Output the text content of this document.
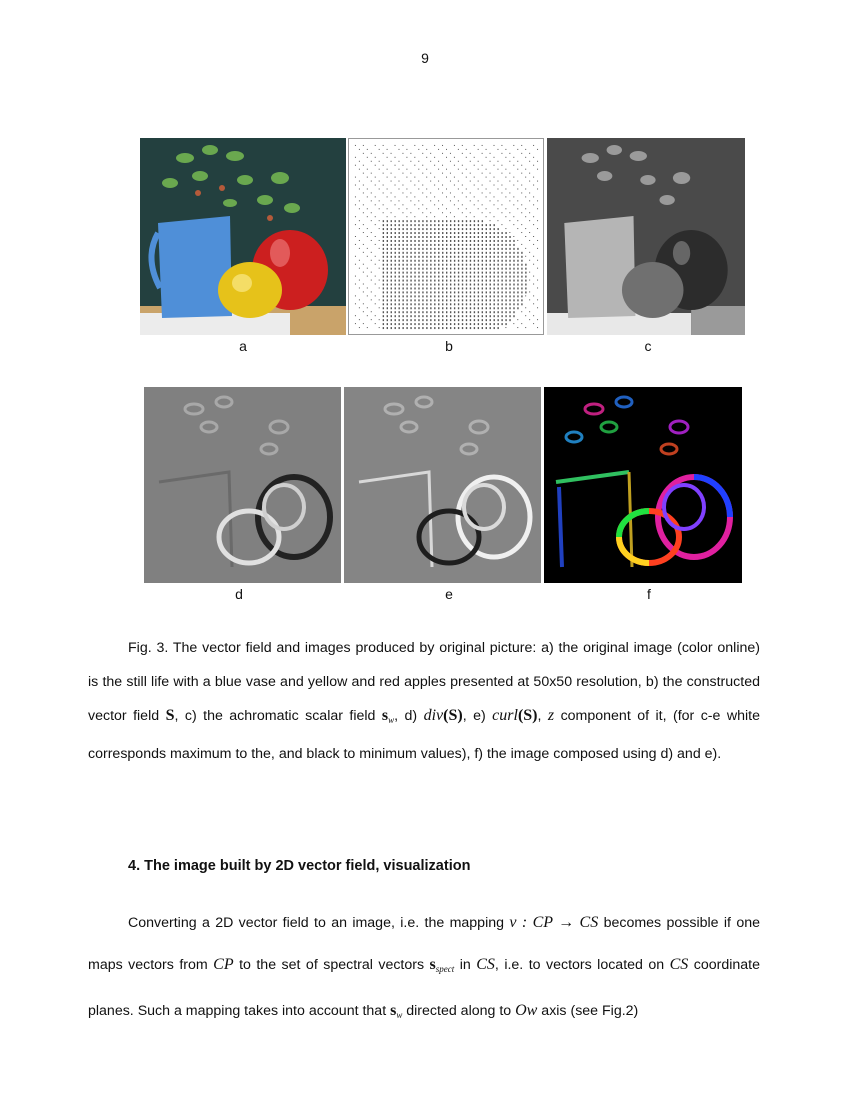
9
a	b	c
d	e	f
Fig. 3. The vector field and images produced by original picture: a) the original image (color online) is the still life with a blue vase and yellow and red apples presented at 50x50 resolution, b) the constructed vector field S, c) the achromatic scalar field $s_w$, d) div(S), e) curl(S), z component of it, (for c-e white corresponds maximum to the, and black to minimum values), f) the image composed using d) and e).
4. The image built by 2D vector field, visualization
Converting a 2D vector field to an image, i.e. the mapping v : CP → CS becomes possible if one maps vectors from CP to the set of spectral vectors $s_{spect}$ in CS, i.e. to vectors located on CS coordinate planes. Such a mapping takes into account that $s_w$ directed along to Ow axis (see Fig.2)
